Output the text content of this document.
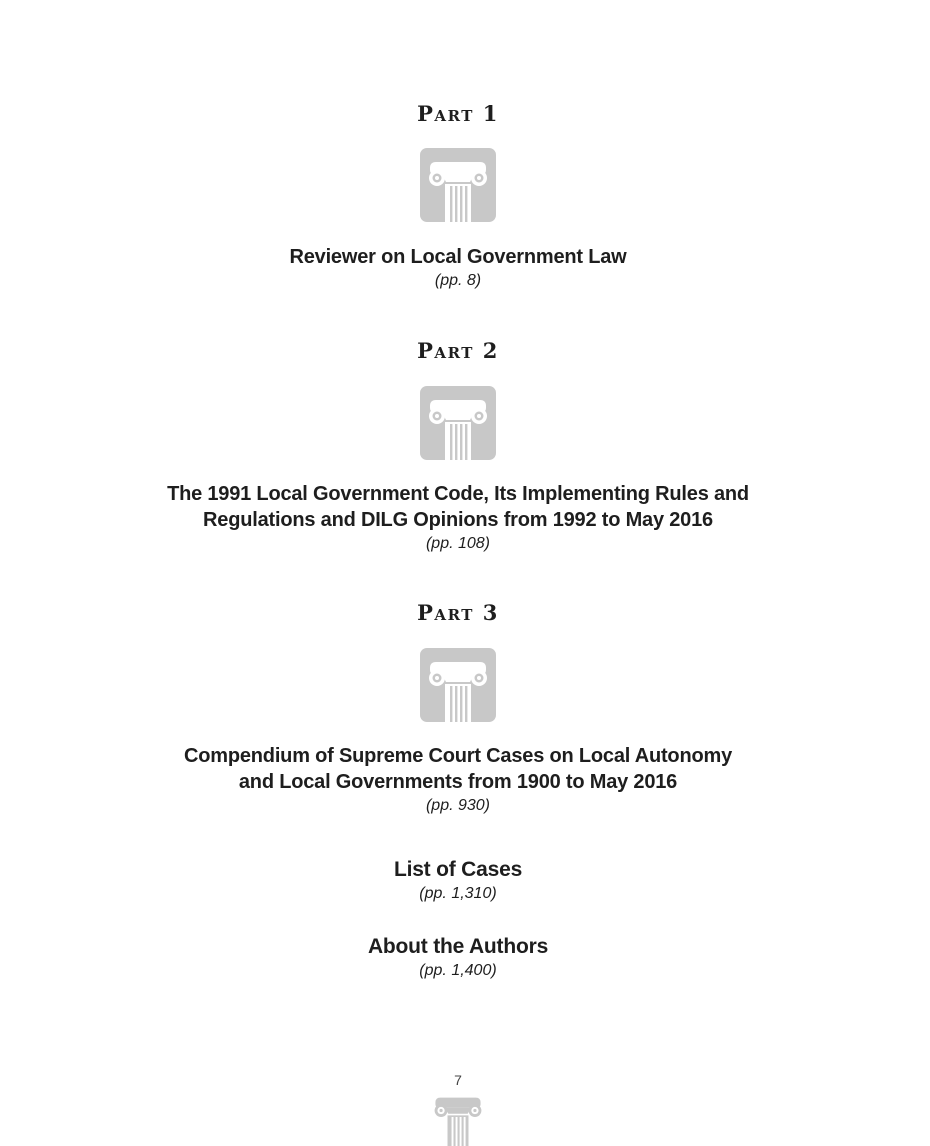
Part 1
Reviewer on Local Government Law
(pp. 8)
Part 2
The 1991 Local Government Code, Its Implementing Rules and
Regulations and DILG Opinions from 1992 to May 2016
(pp. 108)
Part 3
Compendium of Supreme Court Cases on Local Autonomy
and Local Governments from 1900 to May 2016
(pp. 930)
List of Cases
(pp. 1,310)
About the Authors
(pp. 1,400)
7
